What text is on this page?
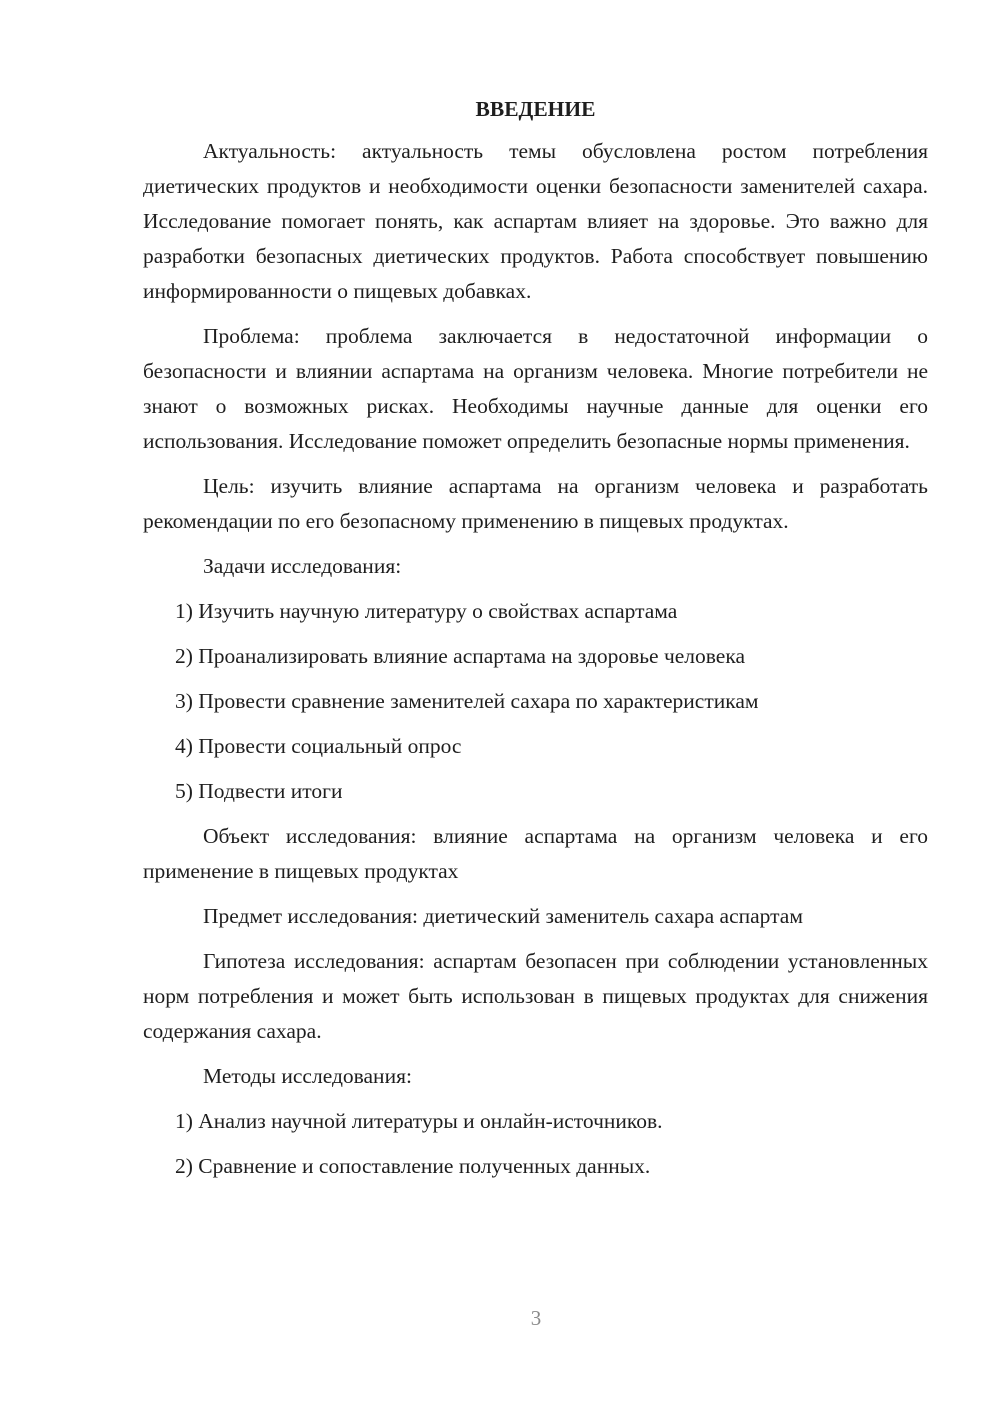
ВВЕДЕНИЕ

Актуальность: актуальность темы обусловлена ростом потребления диетических продуктов и необходимости оценки безопасности заменителей сахара. Исследование помогает понять, как аспартам влияет на здоровье. Это важно для разработки безопасных диетических продуктов. Работа способствует повышению информированности о пищевых добавках.

Проблема: проблема заключается в недостаточной информации о безопасности и влиянии аспартама на организм человека. Многие потребители не знают о возможных рисках. Необходимы научные данные для оценки его использования. Исследование поможет определить безопасные нормы применения.

Цель: изучить влияние аспартама на организм человека и разработать рекомендации по его безопасному применению в пищевых продуктах.

Задачи исследования:

1) Изучить научную литературу о свойствах аспартама
2) Проанализировать влияние аспартама на здоровье человека
3) Провести сравнение заменителей сахара по характеристикам
4) Провести социальный опрос
5) Подвести итоги

Объект исследования: влияние аспартама на организм человека и его применение в пищевых продуктах

Предмет исследования: диетический заменитель сахара аспартам

Гипотеза исследования: аспартам безопасен при соблюдении установленных норм потребления и может быть использован в пищевых продуктах для снижения содержания сахара.

Методы исследования:

1) Анализ научной литературы и онлайн-источников.
2) Сравнение и сопоставление полученных данных.
3
